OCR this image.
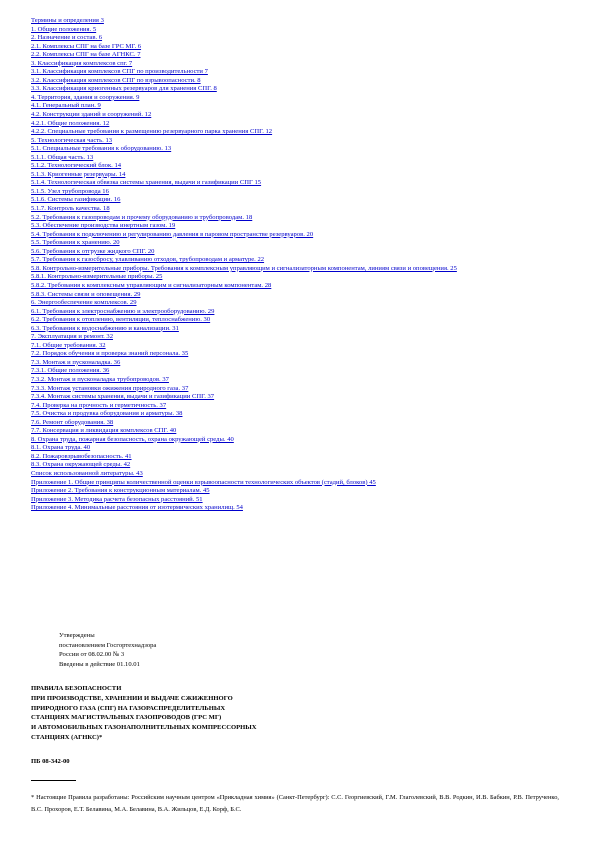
Термины и определения 3
1. Общие положения. 5
2. Назначение и состав. 6
2.1. Комплексы СПГ на базе ГРС МГ. 6
2.2. Комплексы СПГ на базе АГНКС. 7
3. Классификация комплексов спг. 7
3.1. Классификация комплексов СПГ по производительности 7
3.2. Классификация комплексов СПГ по взрывоопасности. 8
3.3. Классификация криогенных резервуаров для хранения СПГ. 8
4. Территория, здания и сооружения. 9
4.1. Генеральный план. 9
4.2. Конструкции зданий и сооружений. 12
4.2.1. Общие положения. 12
4.2.2. Специальные требования к размещению резервуарного парка хранения СПГ. 12
5. Технологическая часть. 13
5.1. Специальные требования к оборудованию. 13
5.1.1. Общая часть. 13
5.1.2. Технологический блок. 14
5.1.3. Криогенные резервуары. 14
5.1.4. Технологическая обвязка системы хранения, выдачи и газификации СПГ 15
5.1.5. Узел трубопровода 16
5.1.6. Системы газификации. 16
5.1.7. Контроль качества. 18
5.2. Требования к газопроводам и прочему оборудованию и трубопроводам. 18
5.3. Обеспечение производства инертным газом. 19
5.4. Требования к подключению и регулированию давления в паровом пространстве резервуаров. 20
5.5. Требования к хранению. 20
5.6. Требования к отгрузке жидкого СПГ. 20
5.7. Требования к газосбросу, улавливанию отходов, трубопроводам и арматуре. 22
5.8. Контрольно-измерительные приборы. Требования к комплексным управляющим и сигнализаторным компонентам, линиям связи и оповещения. 25
5.8.1. Контрольно-измерительные приборы. 25
5.8.2. Требования к комплексным управляющим и сигнализаторным компонентам. 28
5.8.3. Системы связи и оповещения. 29
6. Энергообеспечение комплексов. 29
6.1. Требования к электроснабжению и электрооборудованию. 29
6.2. Требования к отоплению, вентиляции, теплоснабжению. 30
6.3. Требования к водоснабжению и канализации. 31
7. Эксплуатация и ремонт. 32
7.1. Общие требования. 32
7.2. Порядок обучения и проверка знаний персонала. 35
7.3. Монтаж и пусконаладка. 36
7.3.1. Общие положения. 36
7.3.2. Монтаж и пусконаладка трубопроводов. 37
7.3.3. Монтаж установки ожижения природного газа. 37
7.3.4. Монтаж системы хранения, выдачи и газификации СПГ. 37
7.4. Проверка на прочность и герметичность. 37
7.5. Очистка и продувка оборудования и арматуры. 38
7.6. Ремонт оборудования. 38
7.7. Консервация и ликвидация комплексов СПГ. 40
8. Охрана труда, пожарная безопасность, охрана окружающей среды. 40
8.1. Охрана труда. 40
8.2. Пожаровзрывобезопасность. 41
8.3. Охрана окружающей среды. 42
Список использованной литературы. 43
Приложение 1. Общие принципы количественной оценки взрывоопасности технологических объектов (стадий, блоков) 45
Приложение 2. Требования к конструкционным материалам. 45
Приложение 3. Методика расчета безопасных расстояний. 51
Приложение 4. Минимальные расстояния от изотермических хранилищ. 54
Утверждены
постановлением Госгортехнадзора
России от 08.02.00 № 3
Введены в действие 01.10.01
ПРАВИЛА БЕЗОПАСНОСТИ
ПРИ ПРОИЗВОДСТВЕ, ХРАНЕНИИ И ВЫДАЧЕ СЖИЖЕННОГО
ПРИРОДНОГО ГАЗА (СПГ) НА ГАЗОРАСПРЕДЕЛИТЕЛЬНЫХ
СТАНЦИЯХ МАГИСТРАЛЬНЫХ ГАЗОПРОВОДОВ (ГРС МГ)
И АВТОМОБИЛЬНЫХ ГАЗОНАПОЛНИТЕЛЬНЫХ КОМПРЕССОРНЫХ
СТАНЦИЯХ (АГНКС)*
ПБ 08-342-00
* Настоящие Правила разработаны: Российским научным центром «Прикладная химия» (Санкт-Петербург): С.С. Георгиевский, Г.М. Глаголевский, В.В. Родкин, И.В. Бабкин, Р.В. Петрученко, В.С. Прохоров, Е.Т. Белавина, М.А. Белавина, В.А. Жильцов, Е.Д. Корф, Б.С.
